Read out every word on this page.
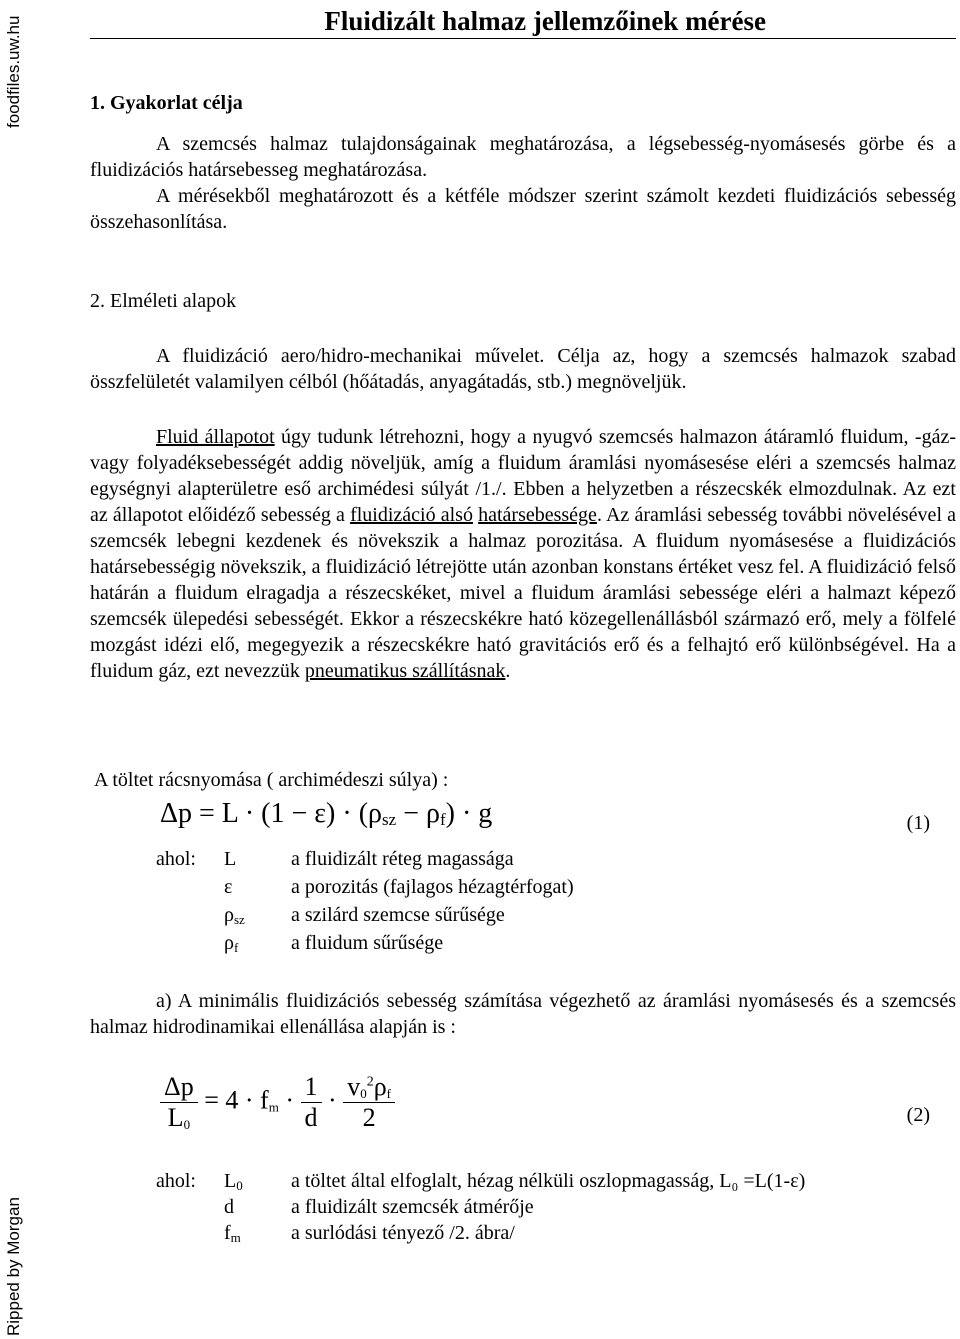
foodfiles.uw.hu
Ripped by Morgan
Fluidizált halmaz jellemzőinek mérése
1. Gyakorlat célja
A szemcsés halmaz tulajdonságainak meghatározása, a légsebesség-nyomásesés görbe és a fluidizációs határsebesseg meghatározása.
A mérésekből meghatározott és a kétféle módszer szerint számolt kezdeti fluidizációs sebesség összehasonlítása.
2. Elméleti alapok
A fluidizáció aero/hidro-mechanikai művelet. Célja az, hogy a szemcsés halmazok szabad összfelületét valamilyen célból (hőátadás, anyagátadás, stb.) megnöveljük.
Fluid állapotot úgy tudunk létrehozni, hogy a nyugvó szemcsés halmazon átáramló fluidum, -gáz- vagy folyadéksebességét addig növeljük, amíg a fluidum áramlási nyomásesése eléri a szemcsés halmaz egységnyi alapterületre eső archimédesi súlyát /1./. Ebben a helyzetben a részecskék elmozdulnak. Az ezt az állapotot előidéző sebesség a fluidizáció alsó határsebessége. Az áramlási sebesség további növelésével a szemcsék lebegni kezdenek és növekszik a halmaz porozitása. A fluidum nyomásesése a fluidizációs határsebességig növekszik, a fluidizáció létrejötte után azonban konstans értéket vesz fel. A fluidizáció felső határán a fluidum elragadja a részecskéket, mivel a fluidum áramlási sebessége eléri a halmazt képező szemcsék ülepedési sebességét. Ekkor a részecskékre ható közegellenállásból származó erő, mely a fölfelé mozgást idézi elő, megegyezik a részecskékre ható gravitációs erő és a felhajtó erő különbségével. Ha a fluidum gáz, ezt nevezzük pneumatikus szállításnak.
A töltet rácsnyomása ( archimédeszi súlya) :
$\Delta p = L \cdot (1 - \varepsilon) \cdot (\rho_{sz} - \rho_f) \cdot g$	(1)
ahol: L	a fluidizált réteg magassága
ε	a porozitás (fajlagos hézagtérfogat)
$\rho_{sz}$ a szilárd szemcse sűrűsége
$\rho_f$	a fluidum sűrűsége
a) A minimális fluidizációs sebesség számítása végezhető az áramlási nyomásesés és a szemcsés halmaz hidrodinamikai ellenállása alapján is :
$\frac{\Delta p}{L_0} = 4 \cdot f_m \cdot \frac{1}{d} \cdot \frac{v_0^2\rho_f}{2}$	(2)
ahol: $L_0$ a töltet által elfoglalt, hézag nélküli oszlopmagasság, L₀ =L(1-ε)
d	a fluidizált szemcsék átmérője
$f_m$	a surlódási tényező /2. ábra/
